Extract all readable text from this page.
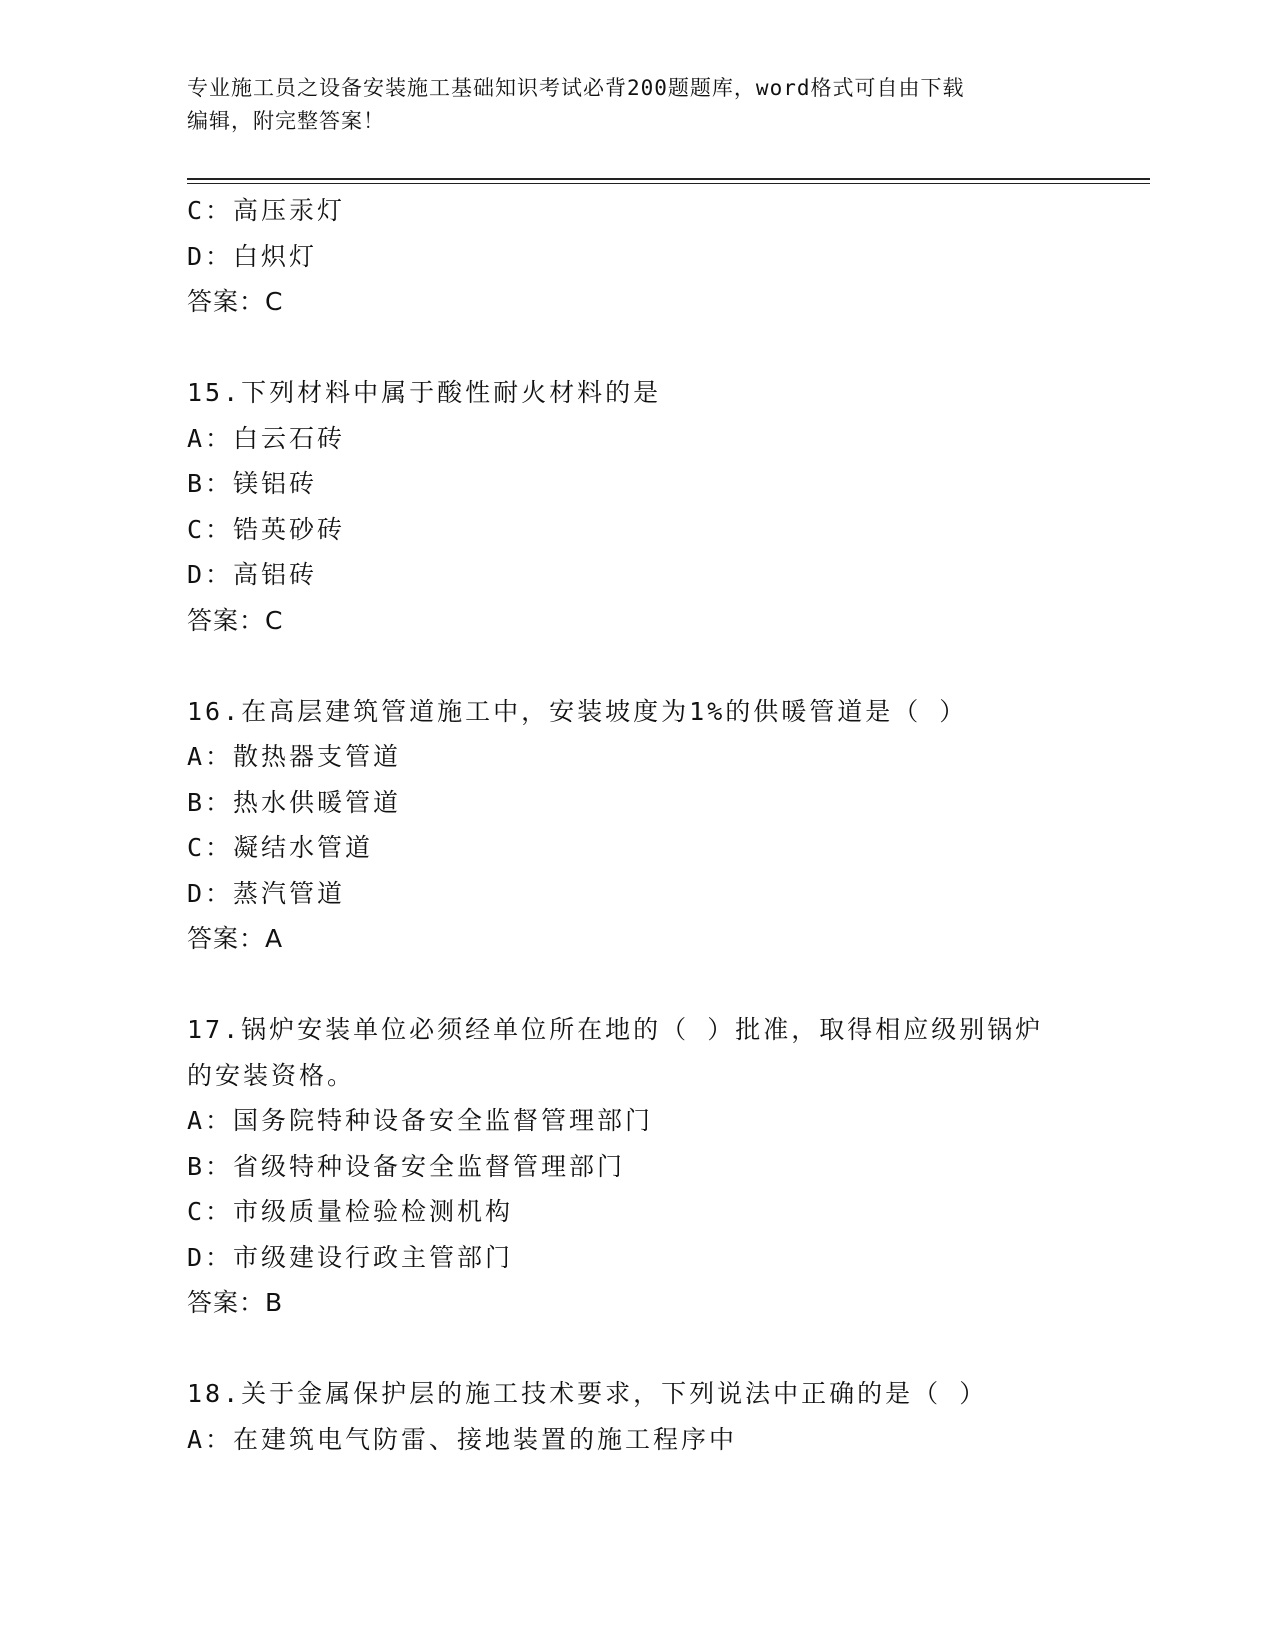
专业施工员之设备安装施工基础知识考试必背200题题库，word格式可自由下载
编辑，附完整答案！
C：高压汞灯
D：白炽灯
答案：C
15.下列材料中属于酸性耐火材料的是
A：白云石砖
B：镁铝砖
C：锆英砂砖
D：高铝砖
答案：C
16.在高层建筑管道施工中，安装坡度为1%的供暖管道是（ ）
A：散热器支管道
B：热水供暖管道
C：凝结水管道
D：蒸汽管道
答案：A
17.锅炉安装单位必须经单位所在地的（ ）批准，取得相应级别锅炉
的安装资格。
A：国务院特种设备安全监督管理部门
B：省级特种设备安全监督管理部门
C：市级质量检验检测机构
D：市级建设行政主管部门
答案：B
18.关于金属保护层的施工技术要求，下列说法中正确的是（ ）
A：在建筑电气防雷、接地装置的施工程序中
